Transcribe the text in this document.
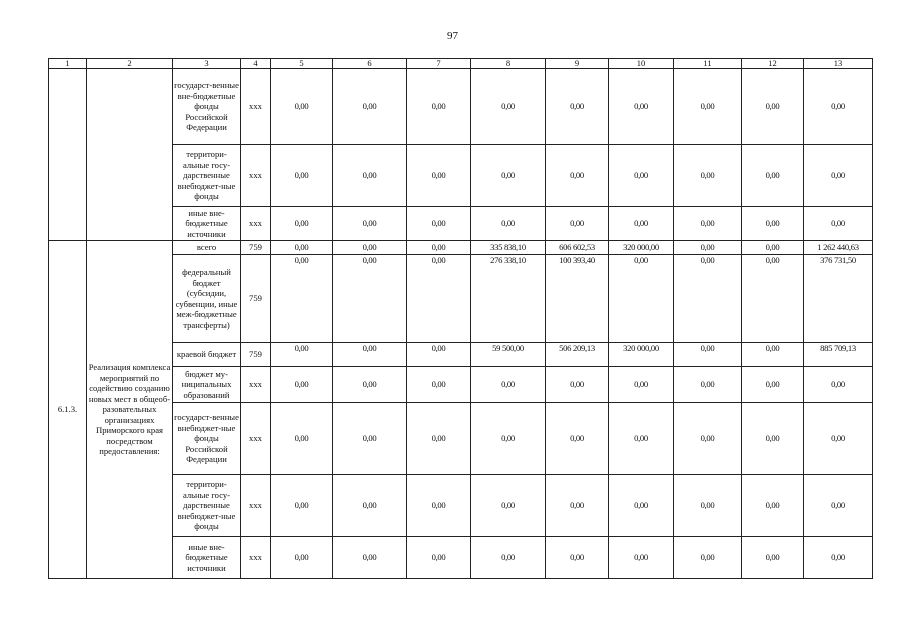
97
1	2	3	4	5	6	7	8	9	10	11	12	13
		государст-венные вне-бюджетные фонды Российской Федерации	ххх	0,00	0,00	0,00	0,00	0,00	0,00	0,00	0,00	0,00
		территори-альные госу-дарственные внебюджет-ные фонды	ххх	0,00	0,00	0,00	0,00	0,00	0,00	0,00	0,00	0,00
		иные вне-бюджетные источники	ххх	0,00	0,00	0,00	0,00	0,00	0,00	0,00	0,00	0,00
6.1.3.	Реализация комплекса мероприятий по содействию созданию новых мест в общеоб-разовательных организациях Приморского края посредством предоставления:	всего	759	0,00	0,00	0,00	335 838,10	606 602,53	320 000,00	0,00	0,00	1 262 440,63
		федеральный бюджет (субсидии, субвенции, иные меж-бюджетные трансферты)	759	0,00	0,00	0,00	276 338,10	100 393,40	0,00	0,00	0,00	376 731,50
		краевой бюджет	759	0,00	0,00	0,00	59 500,00	506 209,13	320 000,00	0,00	0,00	885 709,13
		бюджет му-ниципальных образований	ххх	0,00	0,00	0,00	0,00	0,00	0,00	0,00	0,00	0,00
		государст-венные внебюджет-ные фонды Российской Федерации	ххх	0,00	0,00	0,00	0,00	0,00	0,00	0,00	0,00	0,00
		территори-альные госу-дарственные внебюджет-ные фонды	ххх	0,00	0,00	0,00	0,00	0,00	0,00	0,00	0,00	0,00
		иные вне-бюджетные источники	ххх	0,00	0,00	0,00	0,00	0,00	0,00	0,00	0,00	0,00
